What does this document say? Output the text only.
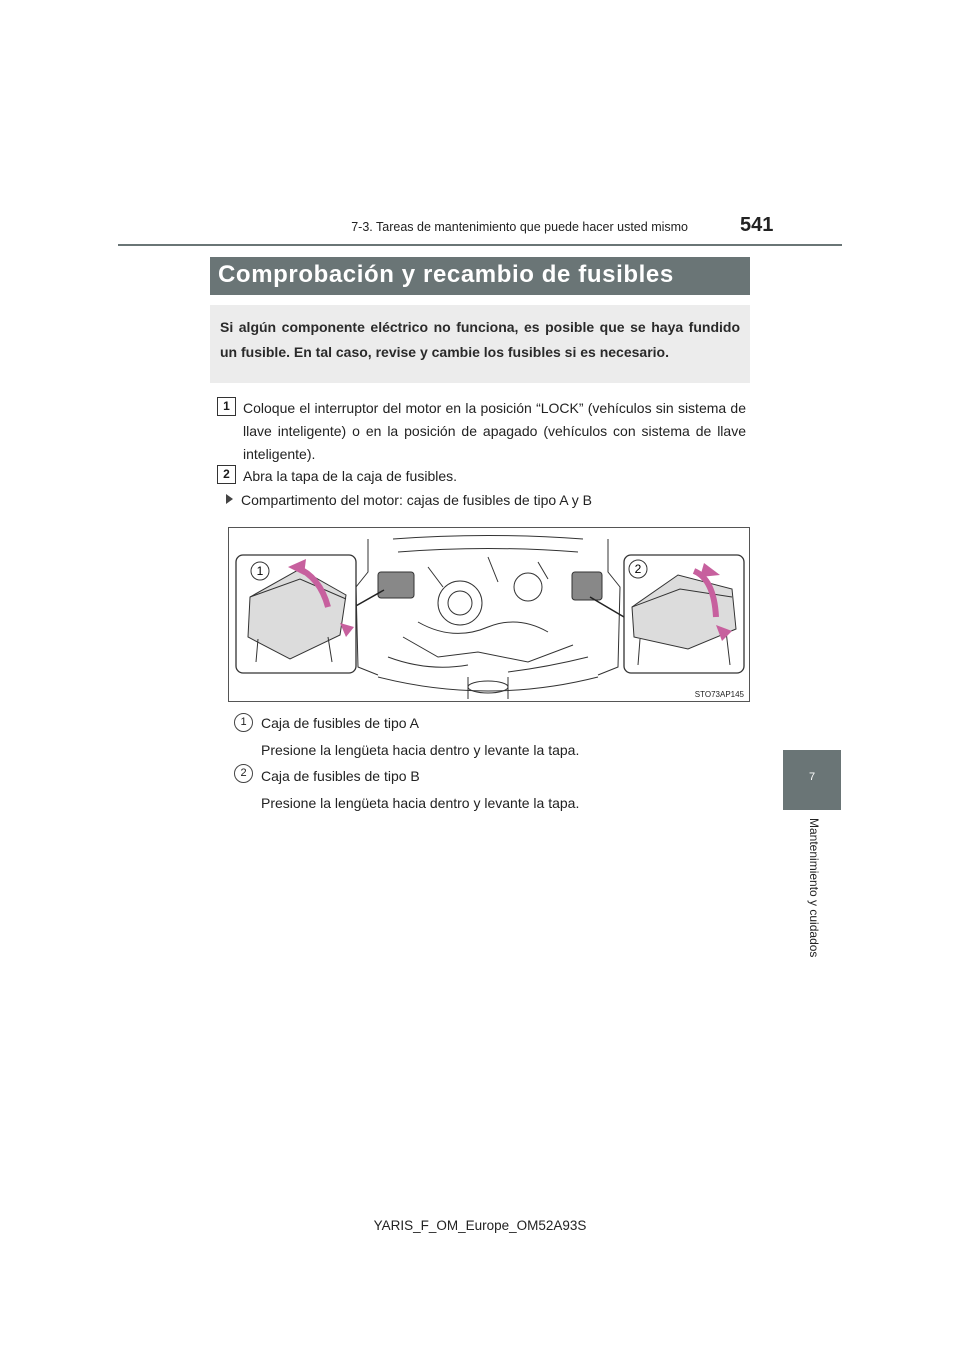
7-3. Tareas de mantenimiento que puede hacer usted mismo	541
7
Mantenimiento y cuidados
Comprobación y recambio de fusibles

Si algún componente eléctrico no funciona, es posible que se haya fundido un fusible. En tal caso, revise y cambie los fusibles si es necesario.

1 Coloque el interruptor del motor en la posición “LOCK” (vehículos sin sistema de llave inteligente) o en la posición de apagado (vehículos con sistema de llave inteligente).
2 Abra la tapa de la caja de fusibles.
Compartimento del motor: cajas de fusibles de tipo A y B
1	2
STO73AP145
1	Caja de fusibles de tipo A
Presione la lengüeta hacia dentro y levante la tapa.
2	Caja de fusibles de tipo B
Presione la lengüeta hacia dentro y levante la tapa.
YARIS_F_OM_Europe_OM52A93S
